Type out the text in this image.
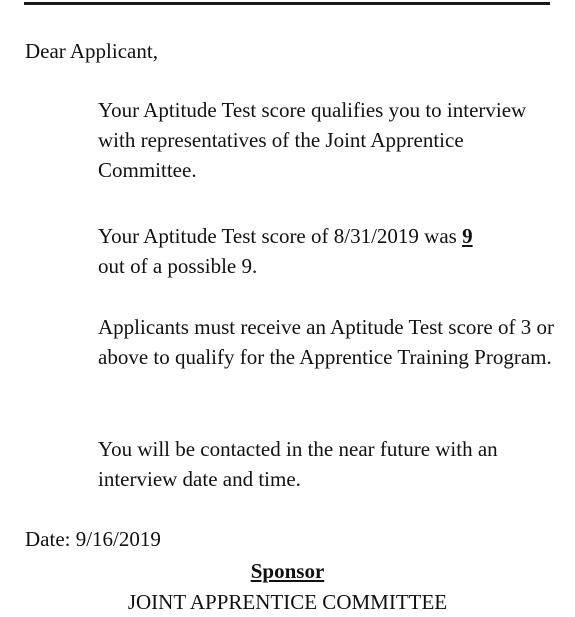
Dear Applicant,

Your Aptitude Test score qualifies you to interview with representatives of the Joint Apprentice Committee.

Your Aptitude Test score of 8/31/2019 was 9
out of a possible 9.

Applicants must receive an Aptitude Test score of 3 or above to qualify for the Apprentice Training Program.

You will be contacted in the near future with an interview date and time.

Date: 9/16/2019

Sponsor

JOINT APPRENTICE COMMITTEE
